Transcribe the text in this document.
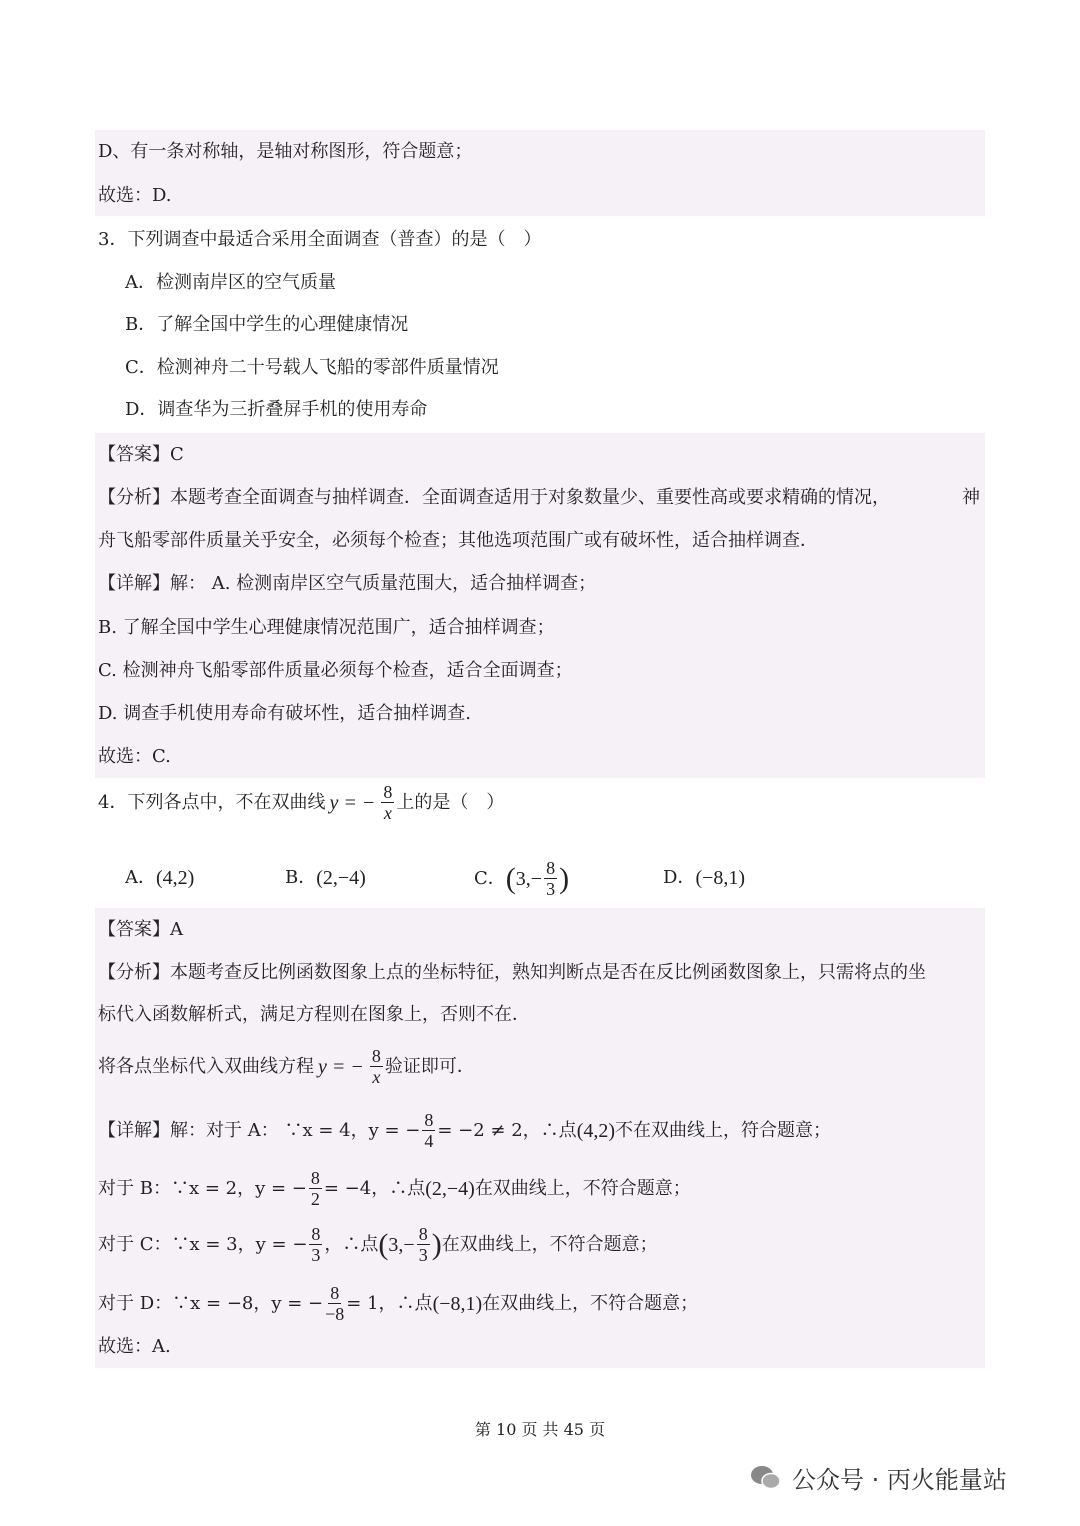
D、有一条对称轴，是轴对称图形，符合题意；
故选：D.
3．下列调查中最适合采用全面调查（普查）的是（　）
A．检测南岸区的空气质量
B．了解全国中学生的心理健康情况
C．检测神舟二十号载人飞船的零部件质量情况
D．调查华为三折叠屏手机的使用寿命
【答案】C
【分析】本题考查全面调查与抽样调查．全面调查适用于对象数量少、重要性高或要求精确的情况，	神
舟飞船零部件质量关乎安全，必须每个检查；其他选项范围广或有破坏性，适合抽样调查．
【详解】解： A. 检测南岸区空气质量范围大，适合抽样调查；
B. 了解全国中学生心理健康情况范围广，适合抽样调查；
C. 检测神舟飞船零部件质量必须每个检查，适合全面调查；
D. 调查手机使用寿命有破坏性，适合抽样调查.
故选：C.
4．下列各点中，不在双曲线 y = − $\frac{8}{x}$ 上的是（　）
A． (4,2)	B． (2,−4)	C． ( $3,- \frac{8}{3}$ )	D． (−8,1)
【答案】A
【分析】本题考查反比例函数图象上点的坐标特征，熟知判断点是否在反比例函数图象上，只需将点的坐
标代入函数解析式，满足方程则在图象上，否则不在．
将各点坐标代入双曲线方程 y = − $\frac{8}{x}$ 验证即可．
【详解】解：对于 A： ∵x = 4，y = − $\frac{8}{4} = -2 \ne 2$，∴点 (4,2) 不在双曲线上，符合题意；
对于 B：∵x = 2，y = − $\frac{8}{2} = -4$，∴点 (2,−4) 在双曲线上，不符合题意；
对于 C：∵x = 3，y = − $\frac{8}{3}$ ，∴点 ( $3,- \frac{8}{3}$ ) 在双曲线上，不符合题意；
对于 D：∵x = −8，y = − $\frac{8}{-8} = 1$，∴点 (−8,1) 在双曲线上，不符合题意；
故选：A.
第 10 页 共 45 页
公众号 · 丙火能量站
